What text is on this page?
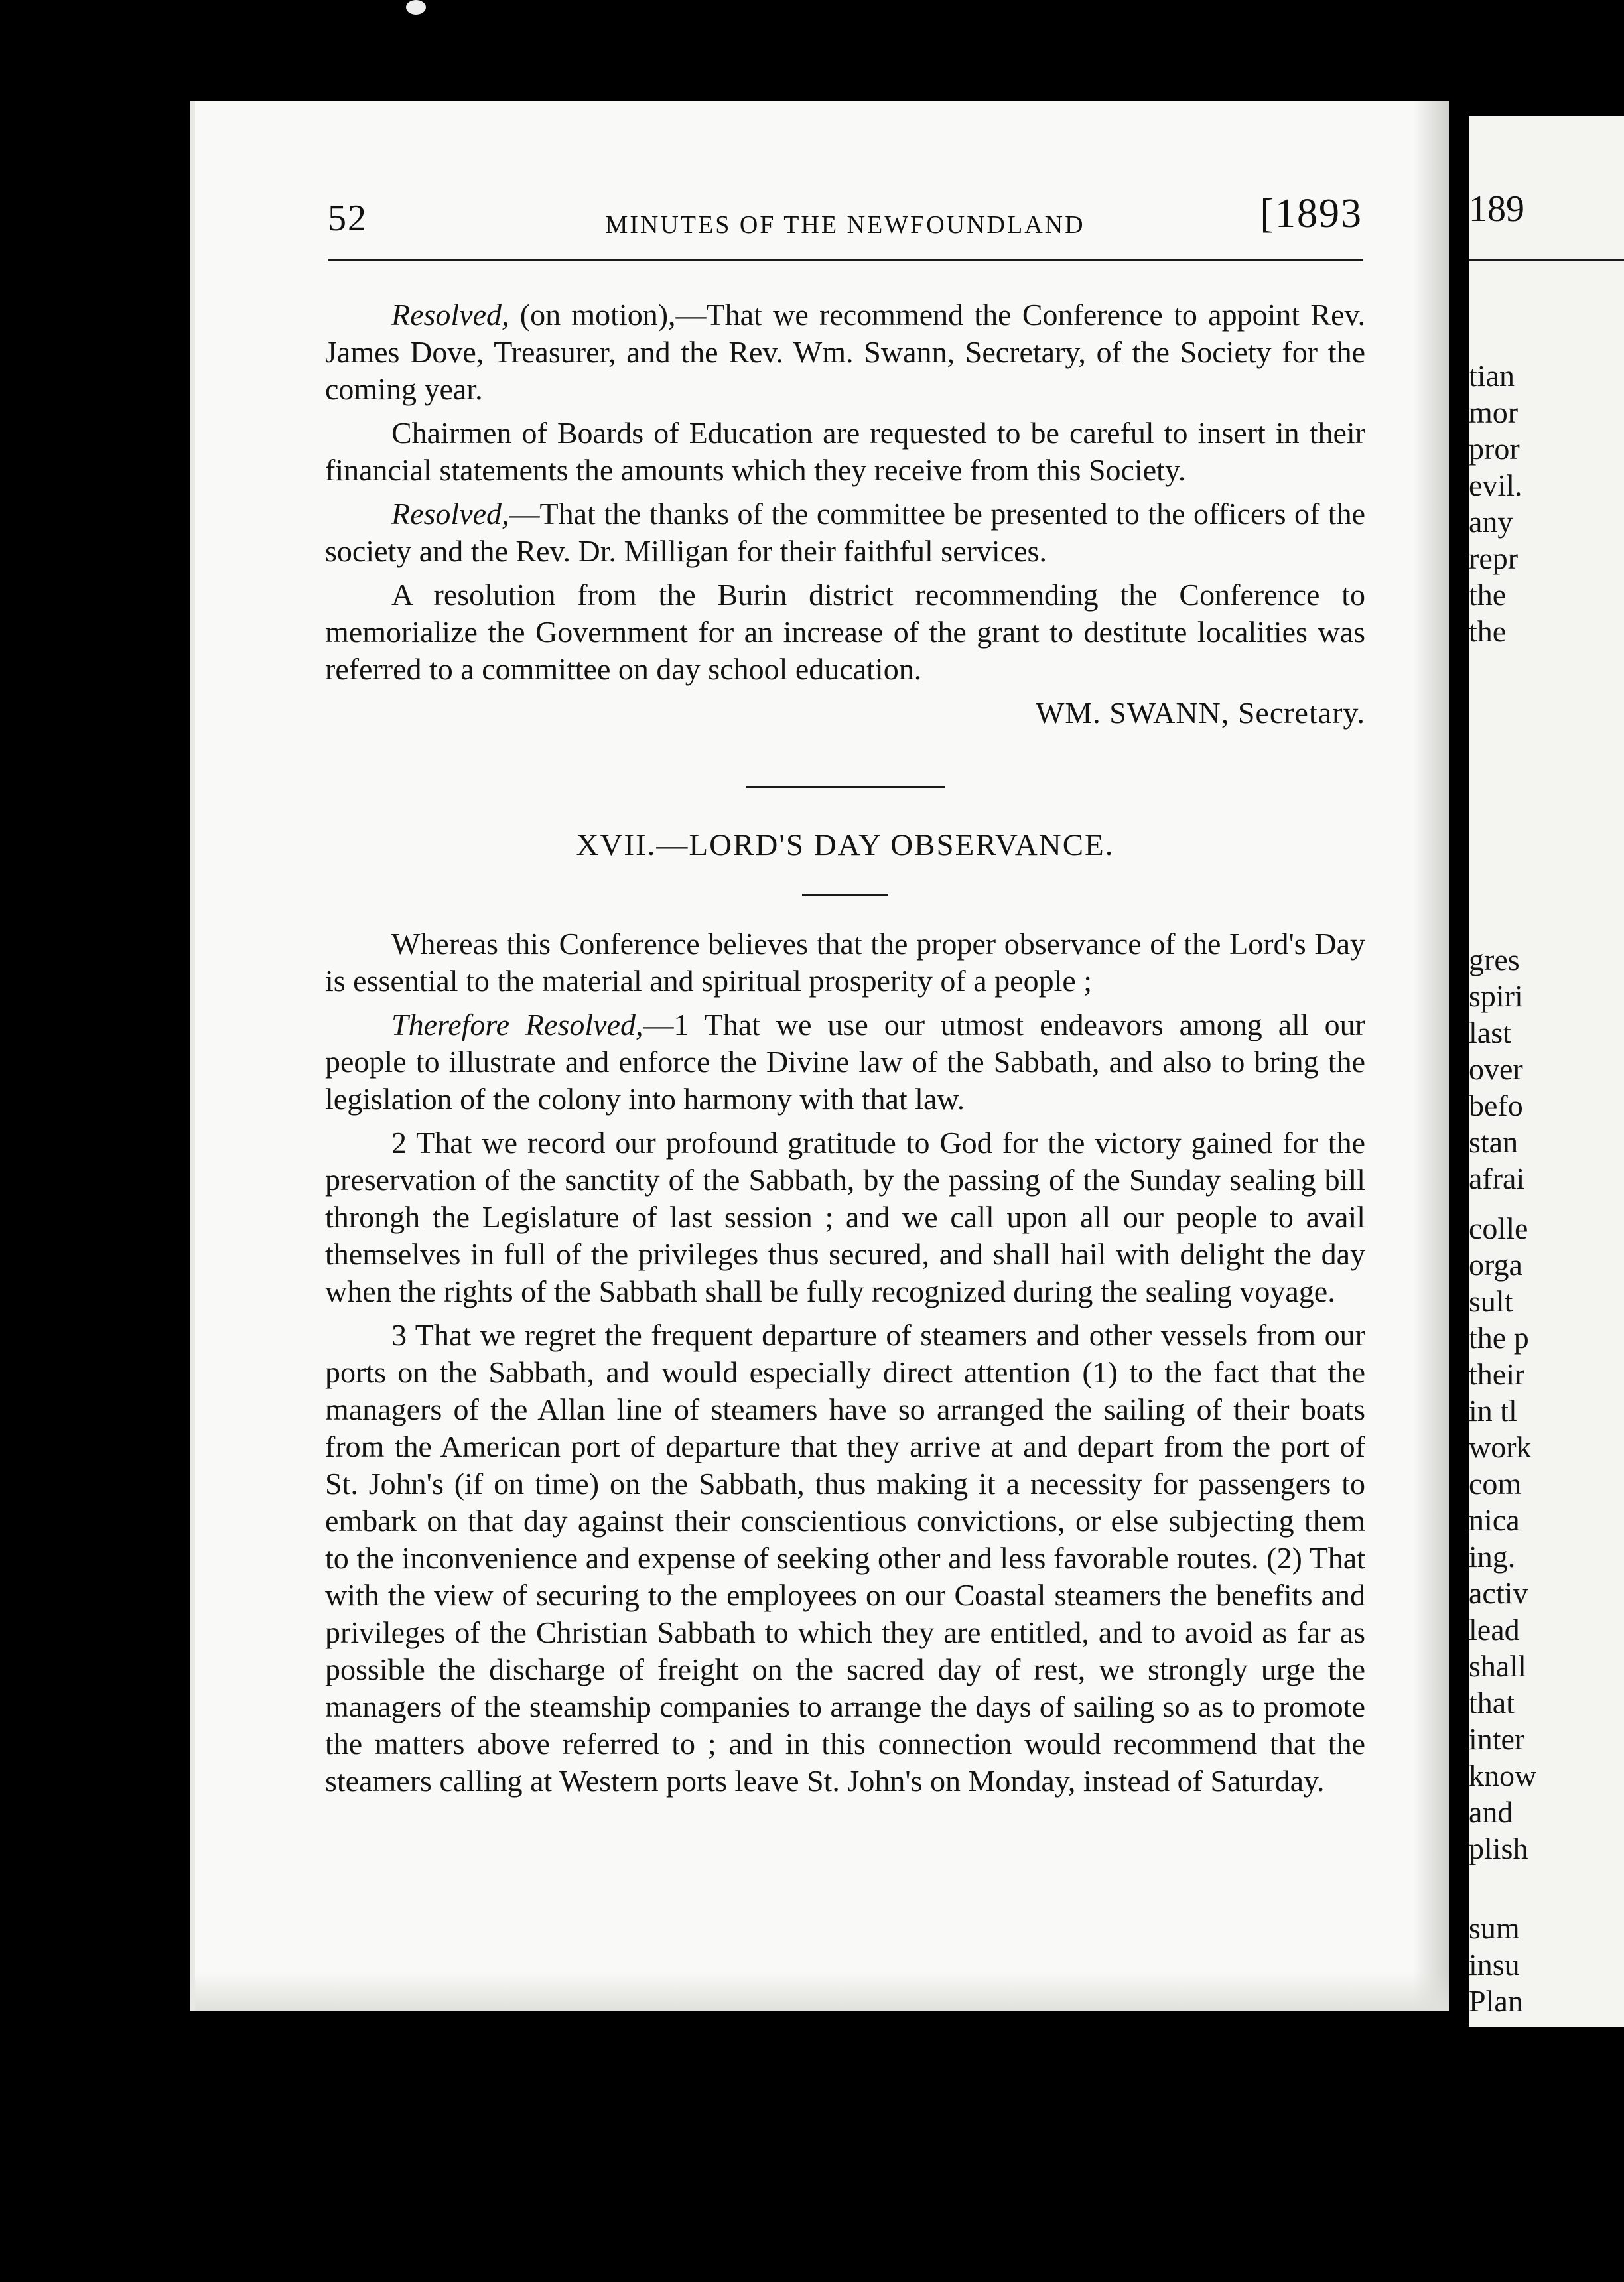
52	MINUTES OF THE NEWFOUNDLAND	[1893

Resolved, (on motion),—That we recommend the Conference to appoint Rev. James Dove, Treasurer, and the Rev. Wm. Swann, Secretary, of the Society for the coming year.

Chairmen of Boards of Education are requested to be careful to insert in their financial statements the amounts which they receive from this Society.

Resolved,—That the thanks of the committee be presented to the officers of the society and the Rev. Dr. Milligan for their faithful services.

A resolution from the Burin district recommending the Conference to memorialize the Government for an increase of the grant to destitute localities was referred to a committee on day school education.

WM. SWANN, Secretary.
XVII.—LORD'S DAY OBSERVANCE.

Whereas this Conference believes that the proper observance of the Lord's Day is essential to the material and spiritual prosperity of a people ;

Therefore Resolved,—1 That we use our utmost endeavors among all our people to illustrate and enforce the Divine law of the Sabbath, and also to bring the legislation of the colony into harmony with that law.

2 That we record our profound gratitude to God for the victory gained for the preservation of the sanctity of the Sabbath, by the passing of the Sunday sealing bill throngh the Legislature of last session ; and we call upon all our people to avail themselves in full of the privileges thus secured, and shall hail with delight the day when the rights of the Sabbath shall be fully recognized during the sealing voyage.

3 That we regret the frequent departure of steamers and other vessels from our ports on the Sabbath, and would especially direct attention (1) to the fact that the managers of the Allan line of steamers have so arranged the sailing of their boats from the American port of departure that they arrive at and depart from the port of St. John's (if on time) on the Sabbath, thus making it a necessity for passengers to embark on that day against their conscientious convictions, or else subjecting them to the inconvenience and expense of seeking other and less favorable routes. (2) That with the view of securing to the employees on our Coastal steamers the benefits and privileges of the Christian Sabbath to which they are entitled, and to avoid as far as possible the discharge of freight on the sacred day of rest, we strongly urge the managers of the steamship companies to arrange the days of sailing so as to promote the matters above referred to ; and in this connection would recommend that the steamers calling at Western ports leave St. John's on Monday, instead of Saturday.

189
tian
mor
pror
evil.
any
repr
the
the
gres
spiri
last
over
befo
stan
afrai
colle
orga
sult
the p
their
in tl
work
com
nica
ing.
activ
lead
shall
that
inter
know
and
plish
sum
insu
Plan
